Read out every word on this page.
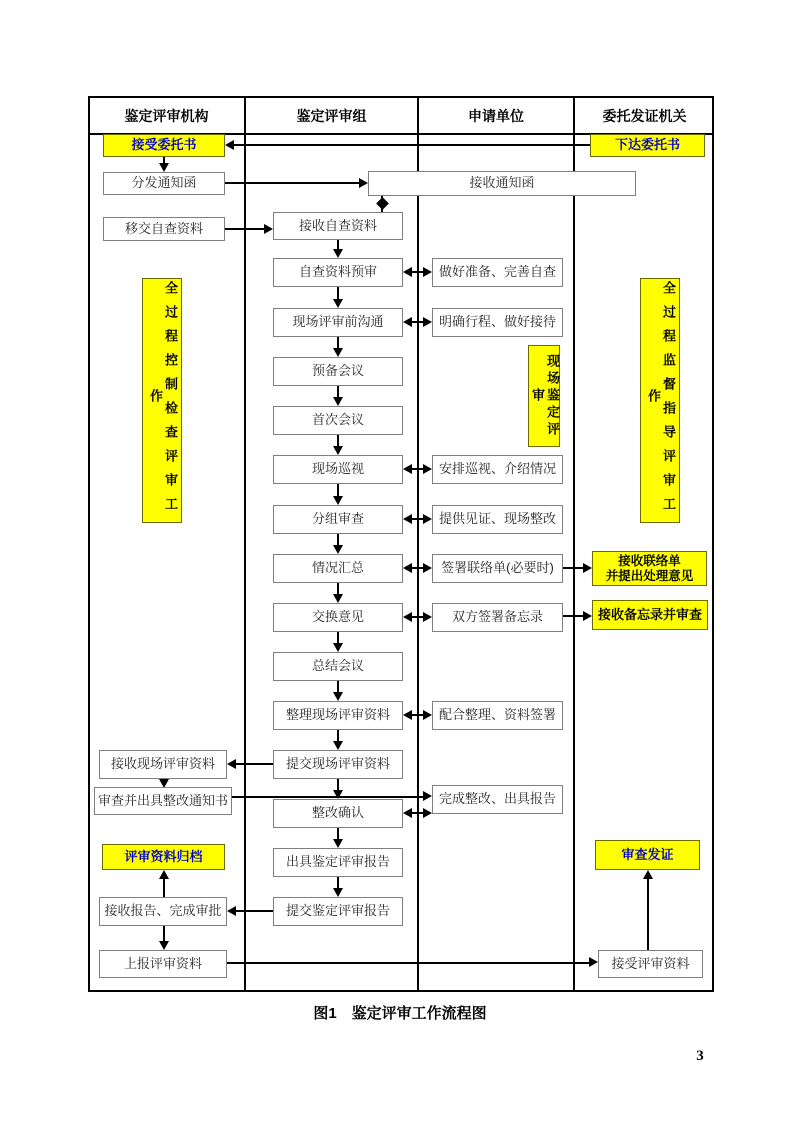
鉴定评审机构	鉴定评审组	申请单位	委托发证机关
接受委托书
分发通知函
移交自查资料
全过程控制检查评审工作
接收现场评审资料
审查并出具整改通知书
评审资料归档
接收报告、完成审批
上报评审资料
接收通知函
接收自查资料
自查资料预审
现场评审前沟通
预备会议
首次会议
现场巡视
分组审查
情况汇总
交换意见
总结会议
整理现场评审资料
提交现场评审资料
整改确认
出具鉴定评审报告
提交鉴定评审报告
做好准备、完善自查
明确行程、做好接待
现场鉴定评审
安排巡视、介绍情况
提供见证、现场整改
签署联络单(必要时)
双方签署备忘录
配合整理、资料签署
完成整改、出具报告
下达委托书
接收联络单
并提出处理意见
接收备忘录并审查
审查发证
接受评审资料
全过程监督指导评审工作
图1　鉴定评审工作流程图
3
